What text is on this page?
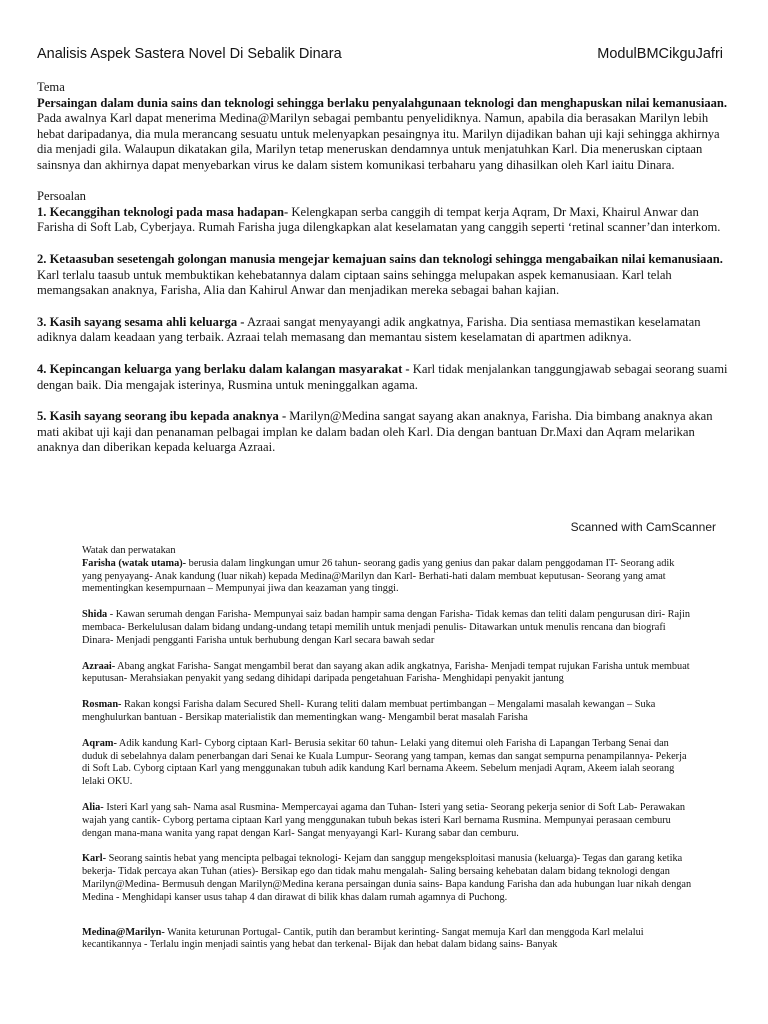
Analisis Aspek Sastera Novel Di Sebalik Dinara	ModulBMCikguJafri

Tema

Persaingan dalam dunia sains dan teknologi sehingga berlaku penyalahgunaan teknologi dan menghapuskan nilai kemanusiaan.

Pada awalnya Karl dapat menerima Medina@Marilyn sebagai pembantu penyelidiknya. Namun, apabila dia berasakan Marilyn lebih hebat daripadanya, dia mula merancang sesuatu untuk melenyapkan pesaingnya itu. Marilyn dijadikan bahan uji kaji sehingga akhirnya dia menjadi gila. Walaupun dikatakan gila, Marilyn tetap meneruskan dendamnya untuk menjatuhkan Karl. Dia meneruskan ciptaan sainsnya dan akhirnya dapat menyebarkan virus ke dalam sistem komunikasi terbaharu yang dihasilkan oleh Karl iaitu Dinara.

Persoalan

1. Kecanggihan teknologi pada masa hadapan- Kelengkapan serba canggih di tempat kerja Aqram, Dr Maxi, Khairul Anwar dan Farisha di Soft Lab, Cyberjaya. Rumah Farisha juga dilengkapkan alat keselamatan yang canggih seperti ‘retinal scanner’dan interkom.

2. Ketaasuban sesetengah golongan manusia mengejar kemajuan sains dan teknologi sehingga mengabaikan nilai kemanusiaan. Karl terlalu taasub untuk membuktikan kehebatannya dalam ciptaan sains sehingga melupakan aspek kemanusiaan. Karl telah memangsakan anaknya, Farisha, Alia dan Kahirul Anwar dan menjadikan mereka sebagai bahan kajian.

3. Kasih sayang sesama ahli keluarga - Azraai sangat menyayangi adik angkatnya, Farisha. Dia sentiasa memastikan keselamatan adiknya dalam keadaan yang terbaik. Azraai telah memasang dan memantau sistem keselamatan di apartmen adiknya.

4. Kepincangan keluarga yang berlaku dalam kalangan masyarakat - Karl tidak menjalankan tanggungjawab sebagai seorang suami dengan baik. Dia mengajak isterinya, Rusmina untuk meninggalkan agama.

5. Kasih sayang seorang ibu kepada anaknya - Marilyn@Medina sangat sayang akan anaknya, Farisha. Dia bimbang anaknya akan mati akibat uji kaji dan penanaman pelbagai implan ke dalam badan oleh Karl. Dia dengan bantuan Dr.Maxi dan Aqram melarikan anaknya dan diberikan kepada keluarga Azraai.

Scanned with CamScanner

Watak dan perwatakan

Farisha (watak utama)- berusia dalam lingkungan umur 26 tahun- seorang gadis yang genius dan pakar dalam penggodaman IT- Seorang adik yang penyayang- Anak kandung (luar nikah) kepada Medina@Marilyn dan Karl- Berhati-hati dalam membuat keputusan- Seorang yang amat mementingkan kesempurnaan – Mempunyai jiwa dan keazaman yang tinggi.

Shida - Kawan serumah dengan Farisha- Mempunyai saiz badan hampir sama dengan Farisha- Tidak kemas dan teliti dalam pengurusan diri- Rajin membaca- Berkelulusan dalam bidang undang-undang tetapi memilih untuk menjadi penulis- Ditawarkan untuk menulis rencana dan biografi Dinara- Menjadi pengganti Farisha untuk berhubung dengan Karl secara bawah sedar

Azraai- Abang angkat Farisha- Sangat mengambil berat dan sayang akan adik angkatnya, Farisha- Menjadi tempat rujukan Farisha untuk membuat keputusan- Merahsiakan penyakit yang sedang dihidapi daripada pengetahuan Farisha- Menghidapi penyakit jantung

Rosman- Rakan kongsi Farisha dalam Secured Shell- Kurang teliti dalam membuat pertimbangan – Mengalami masalah kewangan – Suka menghulurkan bantuan - Bersikap materialistik dan mementingkan wang- Mengambil berat masalah Farisha

Aqram- Adik kandung Karl- Cyborg ciptaan Karl- Berusia sekitar 60 tahun- Lelaki yang ditemui oleh Farisha di Lapangan Terbang Senai dan duduk di sebelahnya dalam penerbangan dari Senai ke Kuala Lumpur- Seorang yang tampan, kemas dan sangat sempurna penampilannya- Pekerja di Soft Lab. Cyborg ciptaan Karl yang menggunakan tubuh adik kandung Karl bernama Akeem. Sebelum menjadi Aqram, Akeem ialah seorang lelaki OKU.

Alia- Isteri Karl yang sah- Nama asal Rusmina- Mempercayai agama dan Tuhan- Isteri yang setia- Seorang pekerja senior di Soft Lab- Perawakan wajah yang cantik- Cyborg pertama ciptaan Karl yang menggunakan tubuh bekas isteri Karl bernama Rusmina. Mempunyai perasaan cemburu dengan mana-mana wanita yang rapat dengan Karl- Sangat menyayangi Karl- Kurang sabar dan cemburu.

Karl- Seorang saintis hebat yang mencipta pelbagai teknologi- Kejam dan sanggup mengeksploitasi manusia (keluarga)- Tegas dan garang ketika bekerja- Tidak percaya akan Tuhan (aties)- Bersikap ego dan tidak mahu mengalah- Saling bersaing kehebatan dalam bidang teknologi dengan Marilyn@Medina- Bermusuh dengan Marilyn@Medina kerana persaingan dunia sains- Bapa kandung Farisha dan ada hubungan luar nikah dengan Medina - Menghidapi kanser usus tahap 4 dan dirawat di bilik khas dalam rumah agamnya di Puchong.

Medina@Marilyn- Wanita keturunan Portugal- Cantik, putih dan berambut kerinting- Sangat memuja Karl dan menggoda Karl melalui kecantikannya - Terlalu ingin menjadi saintis yang hebat dan terkenal- Bijak dan hebat dalam bidang sains- Banyak
